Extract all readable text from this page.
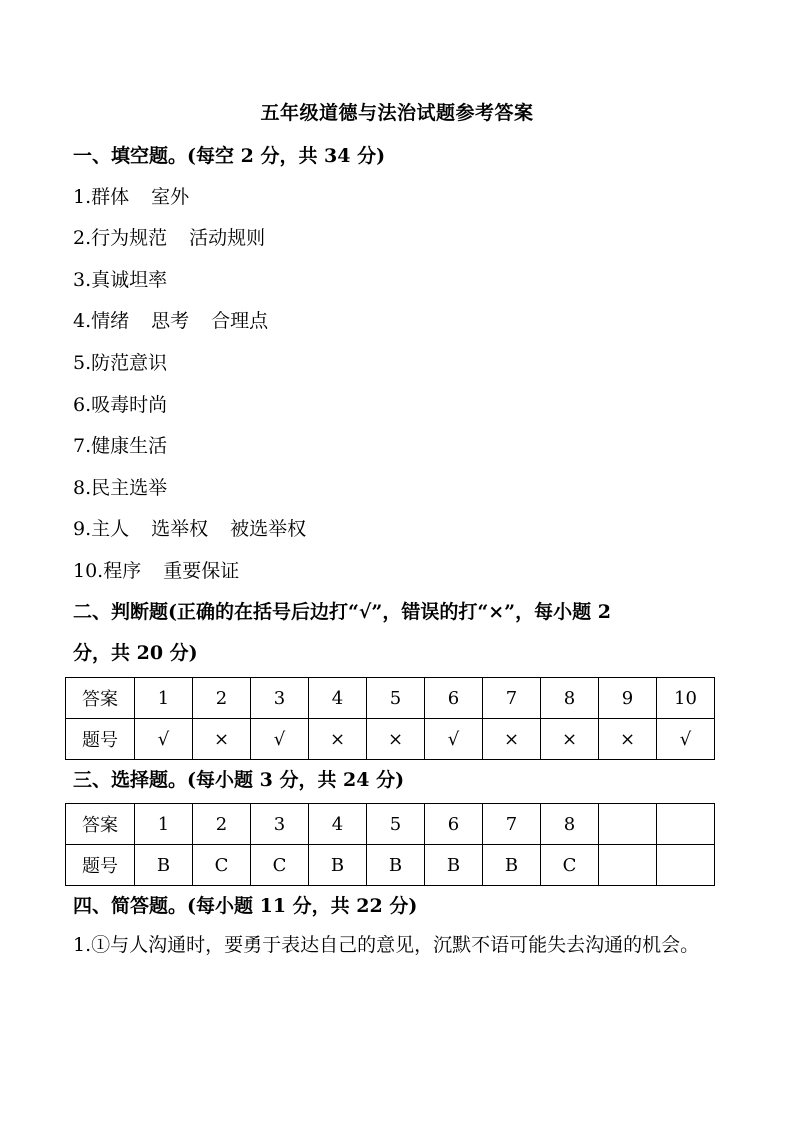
五年级道德与法治试题参考答案
一、填空题。(每空 2 分，共 34 分)
1.群体 室外
2.行为规范 活动规则
3.真诚坦率
4.情绪 思考 合理点
5.防范意识
6.吸毒时尚
7.健康生活
8.民主选举
9.主人 选举权 被选举权
10.程序 重要保证
二、判断题(正确的在括号后边打“√”，错误的打“×”，每小题 2
分，共 20 分)
答案	1	2	3	4	5	6	7	8	9	10
题号	√	×	√	×	×	√	×	×	×	√
三、选择题。(每小题 3 分，共 24 分)
答案	1	2	3	4	5	6	7	8		
题号	B	C	C	B	B	B	B	C		
四、简答题。(每小题 11 分，共 22 分)
1.①与人沟通时，要勇于表达自己的意见，沉默不语可能失去沟通的机会。
